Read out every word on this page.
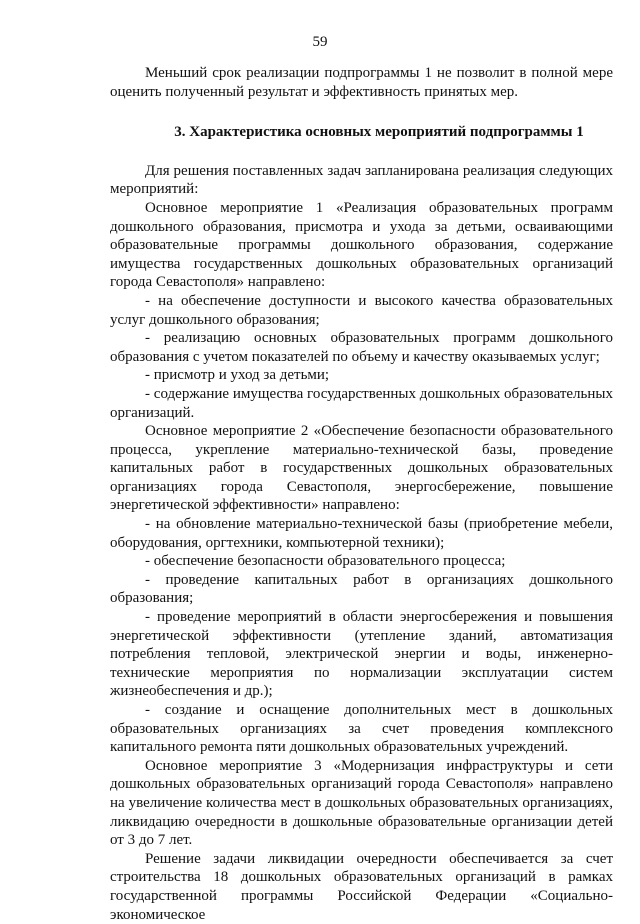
59

Меньший срок реализации подпрограммы 1 не позволит в полной мере оценить полученный результат и эффективность принятых мер.

3. Характеристика основных мероприятий подпрограммы 1

Для решения поставленных задач запланирована реализация следующих мероприятий:

Основное мероприятие 1 «Реализация образовательных программ дошкольного образования, присмотра и ухода за детьми, осваивающими образовательные программы дошкольного образования, содержание имущества государственных дошкольных образовательных организаций города Севастополя» направлено:

- на обеспечение доступности и высокого качества образовательных услуг дошкольного образования;

- реализацию основных образовательных программ дошкольного образования с учетом показателей по объему и качеству оказываемых услуг;

- присмотр и уход за детьми;

- содержание имущества государственных дошкольных образовательных организаций.

Основное мероприятие 2 «Обеспечение безопасности образовательного процесса, укрепление материально-технической базы, проведение капитальных работ в государственных дошкольных образовательных организациях города Севастополя, энергосбережение, повышение энергетической эффективности» направлено:

- на обновление материально-технической базы (приобретение мебели, оборудования, оргтехники, компьютерной техники);

- обеспечение безопасности образовательного процесса;

- проведение капитальных работ в организациях дошкольного образования;

- проведение мероприятий в области энергосбережения и повышения энергетической эффективности (утепление зданий, автоматизация потребления тепловой, электрической энергии и воды, инженерно-технические мероприятия по нормализации эксплуатации систем жизнеобеспечения и др.);

- создание и оснащение дополнительных мест в дошкольных образовательных организациях за счет проведения комплексного капитального ремонта пяти дошкольных образовательных учреждений.

Основное мероприятие 3 «Модернизация инфраструктуры и сети дошкольных образовательных организаций города Севастополя» направлено на увеличение количества мест в дошкольных образовательных организациях, ликвидацию очередности в дошкольные образовательные организации детей от 3 до 7 лет.

Решение задачи ликвидации очередности обеспечивается за счет строительства 18 дошкольных образовательных организаций в рамках государственной программы Российской Федерации «Социально-экономическое
